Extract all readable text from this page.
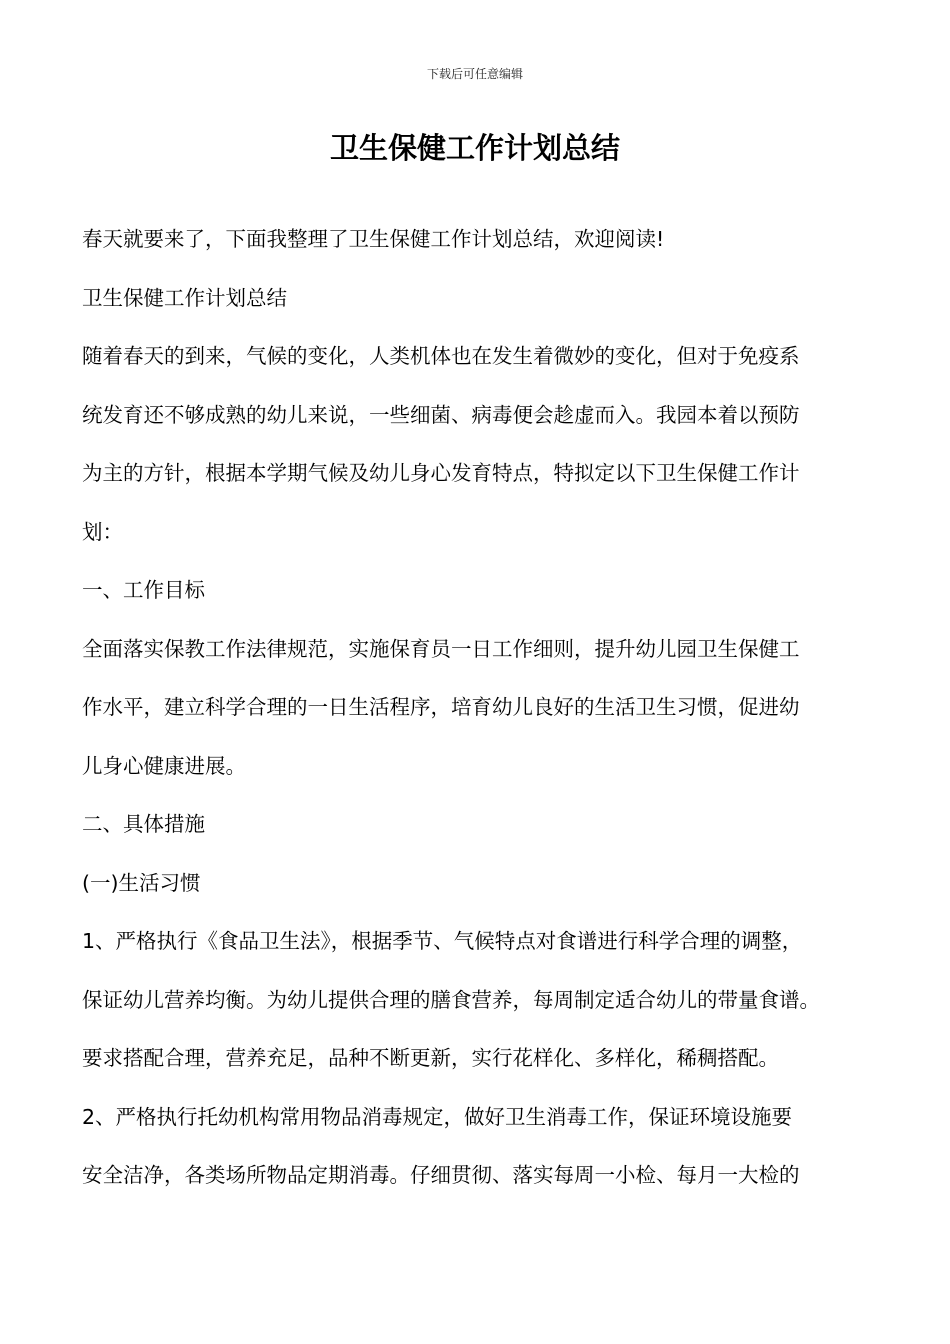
下载后可任意编辑
卫生保健工作计划总结

春天就要来了，下面我整理了卫生保健工作计划总结，欢迎阅读!

卫生保健工作计划总结

随着春天的到来，气候的变化，人类机体也在发生着微妙的变化，但对于免疫系

统发育还不够成熟的幼儿来说，一些细菌、病毒便会趁虚而入。我园本着以预防

为主的方针，根据本学期气候及幼儿身心发育特点，特拟定以下卫生保健工作计

划：

一、工作目标

全面落实保教工作法律规范，实施保育员一日工作细则，提升幼儿园卫生保健工

作水平，建立科学合理的一日生活程序，培育幼儿良好的生活卫生习惯，促进幼

儿身心健康进展。

二、具体措施

(一)生活习惯

1、严格执行《食品卫生法》，根据季节、气候特点对食谱进行科学合理的调整，

保证幼儿营养均衡。为幼儿提供合理的膳食营养，每周制定适合幼儿的带量食谱。

要求搭配合理，营养充足，品种不断更新，实行花样化、多样化，稀稠搭配。

2、严格执行托幼机构常用物品消毒规定，做好卫生消毒工作，保证环境设施要

安全洁净，各类场所物品定期消毒。仔细贯彻、落实每周一小检、每月一大检的
